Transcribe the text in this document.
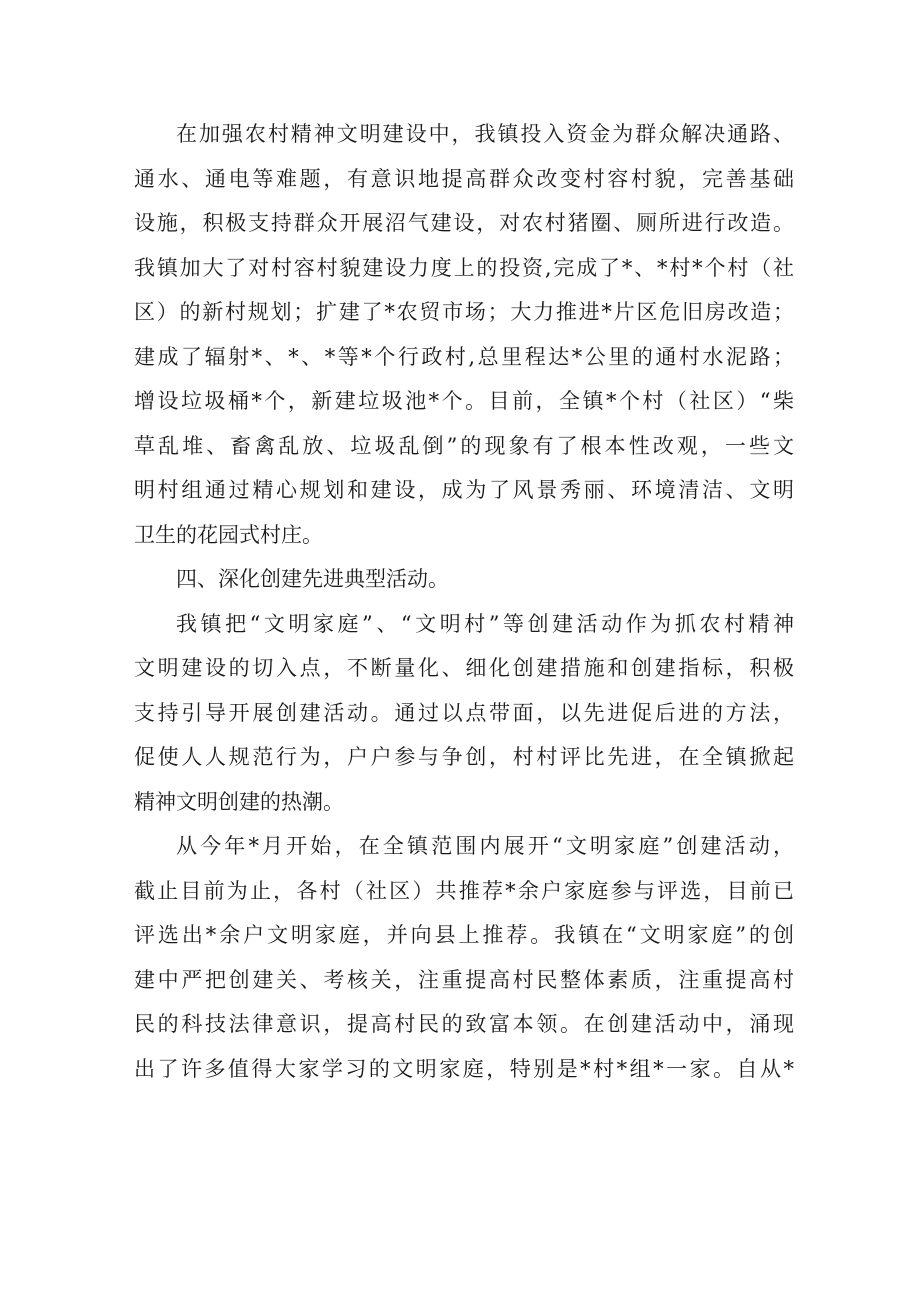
在加强农村精神文明建设中，我镇投入资金为群众解决通路、
通水、通电等难题，有意识地提高群众改变村容村貌，完善基础
设施，积极支持群众开展沼气建设，对农村猪圈、厕所进行改造。
我镇加大了对村容村貌建设力度上的投资,完成了*、*村*个村（社
区）的新村规划；扩建了*农贸市场；大力推进*片区危旧房改造；
建成了辐射*、*、*等*个行政村,总里程达*公里的通村水泥路；
增设垃圾桶*个，新建垃圾池*个。目前，全镇*个村（社区）“柴
草乱堆、畜禽乱放、垃圾乱倒”的现象有了根本性改观，一些文
明村组通过精心规划和建设，成为了风景秀丽、环境清洁、文明
卫生的花园式村庄。

四、深化创建先进典型活动。

我镇把“文明家庭”、“文明村”等创建活动作为抓农村精神
文明建设的切入点，不断量化、细化创建措施和创建指标，积极
支持引导开展创建活动。通过以点带面，以先进促后进的方法，
促使人人规范行为，户户参与争创，村村评比先进，在全镇掀起
精神文明创建的热潮。

从今年*月开始，在全镇范围内展开“文明家庭”创建活动，
截止目前为止，各村（社区）共推荐*余户家庭参与评选，目前已
评选出*余户文明家庭，并向县上推荐。我镇在“文明家庭”的创
建中严把创建关、考核关，注重提高村民整体素质，注重提高村
民的科技法律意识，提高村民的致富本领。在创建活动中，涌现
出了许多值得大家学习的文明家庭，特别是*村*组*一家。自从*
